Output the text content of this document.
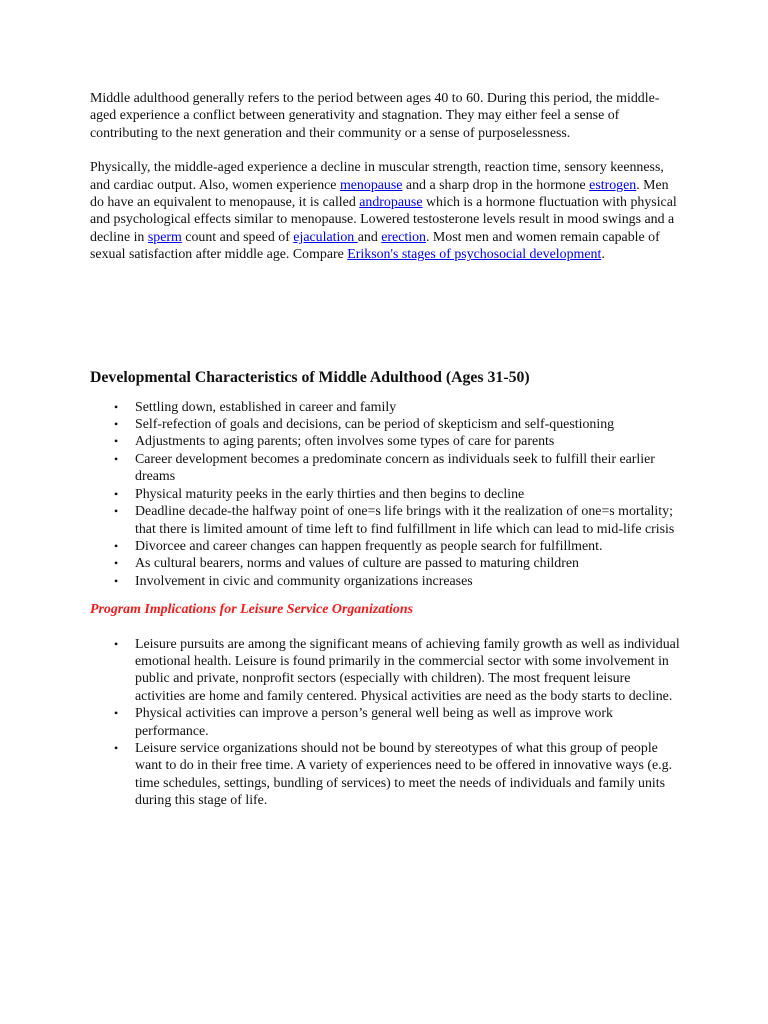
Middle adulthood generally refers to the period between ages 40 to 60. During this period, the middle-aged experience a conflict between generativity and stagnation. They may either feel a sense of contributing to the next generation and their community or a sense of purposelessness.

Physically, the middle-aged experience a decline in muscular strength, reaction time, sensory keenness, and cardiac output. Also, women experience menopause and a sharp drop in the hormone estrogen. Men do have an equivalent to menopause, it is called andropause which is a hormone fluctuation with physical and psychological effects similar to menopause. Lowered testosterone levels result in mood swings and a decline in sperm count and speed of ejaculation and erection. Most men and women remain capable of sexual satisfaction after middle age. Compare Erikson's stages of psychosocial development.

Developmental Characteristics of Middle Adulthood (Ages 31-50)
• Settling down, established in career and family
• Self-refection of goals and decisions, can be period of skepticism and self-questioning
• Adjustments to aging parents; often involves some types of care for parents
• Career development becomes a predominate concern as individuals seek to fulfill their earlier dreams
• Physical maturity peeks in the early thirties and then begins to decline
• Deadline decade-the halfway point of one=s life brings with it the realization of one=s mortality; that there is limited amount of time left to find fulfillment in life which can lead to mid-life crisis
• Divorcee and career changes can happen frequently as people search for fulfillment.
• As cultural bearers, norms and values of culture are passed to maturing children
• Involvement in civic and community organizations increases

Program Implications for Leisure Service Organizations

• Leisure pursuits are among the significant means of achieving family growth as well as individual emotional health. Leisure is found primarily in the commercial sector with some involvement in public and private, nonprofit sectors (especially with children). The most frequent leisure activities are home and family centered. Physical activities are need as the body starts to decline.
• Physical activities can improve a person’s general well being as well as improve work performance.
• Leisure service organizations should not be bound by stereotypes of what this group of people want to do in their free time. A variety of experiences need to be offered in innovative ways (e.g. time schedules, settings, bundling of services) to meet the needs of individuals and family units during this stage of life.
